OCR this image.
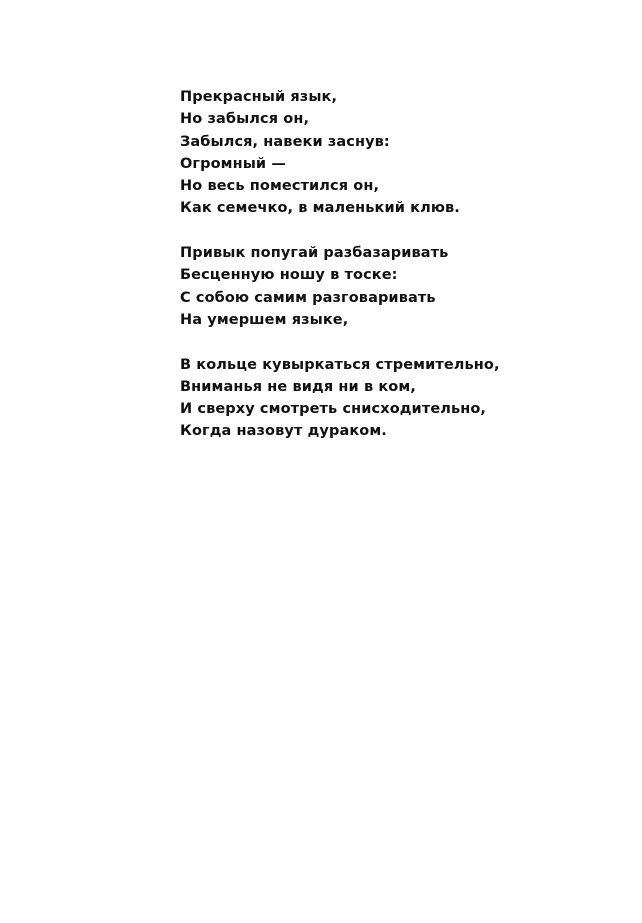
Прекрасный язык,
Но забылся он,
Забылся, навеки заснув:
Огромный —
Но весь поместился он,
Как семечко, в маленький клюв.
Привык попугай разбазаривать
Бесценную ношу в тоске:
С собою самим разговаривать
На умершем языке,
В кольце кувыркаться стремительно,
Вниманья не видя ни в ком,
И сверху смотреть снисходительно,
Когда назовут дураком.
